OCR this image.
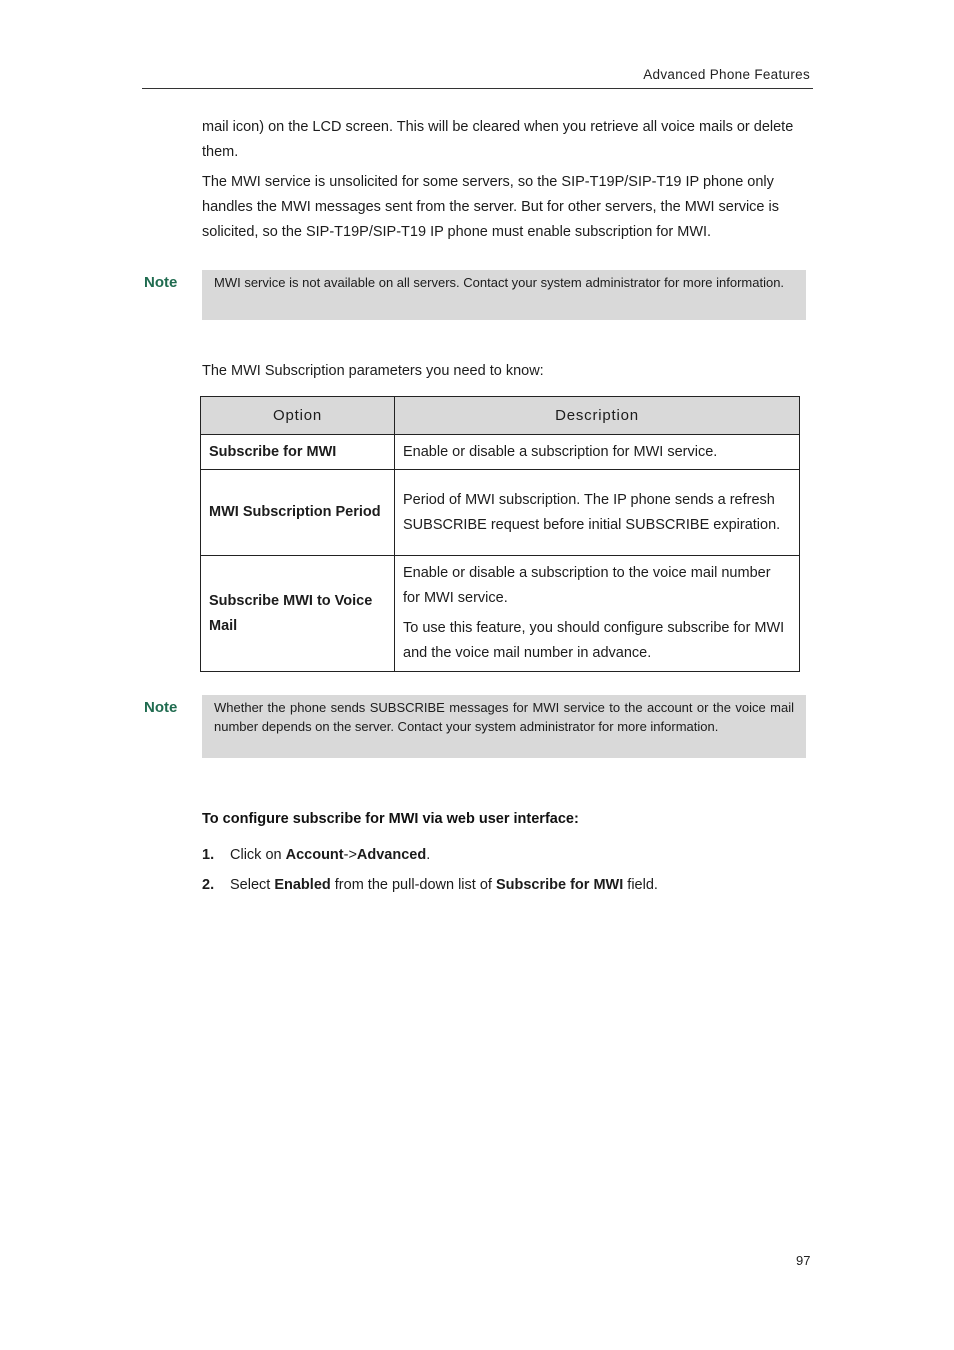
Advanced Phone Features

mail icon) on the LCD screen. This will be cleared when you retrieve all voice mails or delete them.

The MWI service is unsolicited for some servers, so the SIP-T19P/SIP-T19 IP phone only handles the MWI messages sent from the server. But for other servers, the MWI service is solicited, so the SIP-T19P/SIP-T19 IP phone must enable subscription for MWI.

Note	MWI service is not available on all servers. Contact your system administrator for more information.

The MWI Subscription parameters you need to know:

Option	Description
Subscribe for MWI	Enable or disable a subscription for MWI service.

MWI Subscription Period	Period of MWI subscription. The IP phone sends a refresh SUBSCRIBE request before initial SUBSCRIBE expiration.

Subscribe MWI to Voice Mail	Enable or disable a subscription to the voice mail number for MWI service.

To use this feature, you should configure subscribe for MWI and the voice mail number in advance.

Note	Whether the phone sends SUBSCRIBE messages for MWI service to the account or the voice mail number depends on the server. Contact your system administrator for more information.
To configure subscribe for MWI via web user interface:
1. Click on Account->Advanced.
2. Select Enabled from the pull-down list of Subscribe for MWI field.
97
